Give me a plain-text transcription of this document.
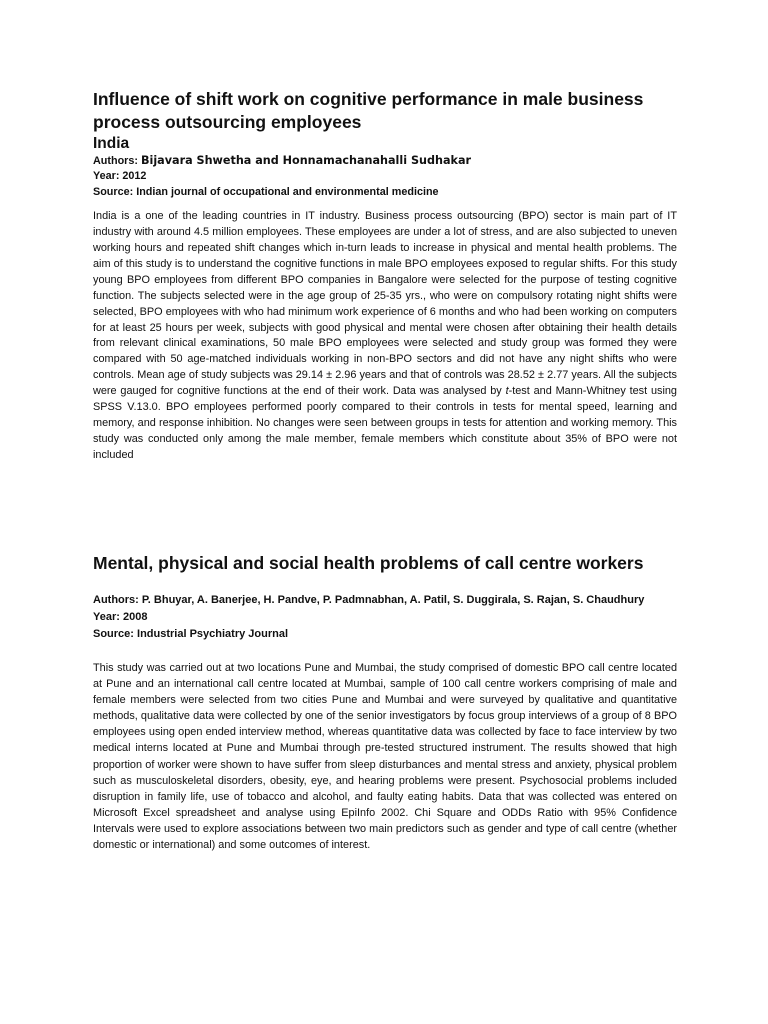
Influence of shift work on cognitive performance in male business process outsourcing employees

India

Authors: Bijavara Shwetha and Honnamachanahalli Sudhakar

Year: 2012

Source: Indian journal of occupational and environmental medicine

India is a one of the leading countries in IT industry. Business process outsourcing (BPO) sector is main part of IT industry with around 4.5 million employees. These employees are under a lot of stress, and are also subjected to uneven working hours and repeated shift changes which in-turn leads to increase in physical and mental health problems. The aim of this study is to understand the cognitive functions in male BPO employees exposed to regular shifts. For this study young BPO employees from different BPO companies in Bangalore were selected for the purpose of testing cognitive function. The subjects selected were in the age group of 25-35 yrs., who were on compulsory rotating night shifts were selected, BPO employees with who had minimum work experience of 6 months and who had been working on computers for at least 25 hours per week, subjects with good physical and mental were chosen after obtaining their health details from relevant clinical examinations, 50 male BPO employees were selected and study group was formed they were compared with 50 age-matched individuals working in non-BPO sectors and did not have any night shifts who were controls. Mean age of study subjects was 29.14 ± 2.96 years and that of controls was 28.52 ± 2.77 years. All the subjects were gauged for cognitive functions at the end of their work. Data was analysed by t-test and Mann-Whitney test using SPSS V.13.0. BPO employees performed poorly compared to their controls in tests for mental speed, learning and memory, and response inhibition. No changes were seen between groups in tests for attention and working memory. This study was conducted only among the male member, female members which constitute about 35% of BPO were not included

Mental, physical and social health problems of call centre workers

Authors: P. Bhuyar, A. Banerjee, H. Pandve, P. Padmnabhan, A. Patil, S. Duggirala, S. Rajan, S. Chaudhury

Year: 2008

Source: Industrial Psychiatry Journal

This study was carried out at two locations Pune and Mumbai, the study comprised of domestic BPO call centre located at Pune and an international call centre located at Mumbai, sample of 100 call centre workers comprising of male and female members were selected from two cities Pune and Mumbai and were surveyed by qualitative and quantitative methods, qualitative data were collected by one of the senior investigators by focus group interviews of a group of 8 BPO employees using open ended interview method, whereas quantitative data was collected by face to face interview by two medical interns located at Pune and Mumbai through pre-tested structured instrument. The results showed that high proportion of worker were shown to have suffer from sleep disturbances and mental stress and anxiety, physical problem such as musculoskeletal disorders, obesity, eye, and hearing problems were present. Psychosocial problems included disruption in family life, use of tobacco and alcohol, and faulty eating habits. Data that was collected was entered on Microsoft Excel spreadsheet and analyse using EpiInfo 2002. Chi Square and ODDs Ratio with 95% Confidence Intervals were used to explore associations between two main predictors such as gender and type of call centre (whether domestic or international) and some outcomes of interest.
